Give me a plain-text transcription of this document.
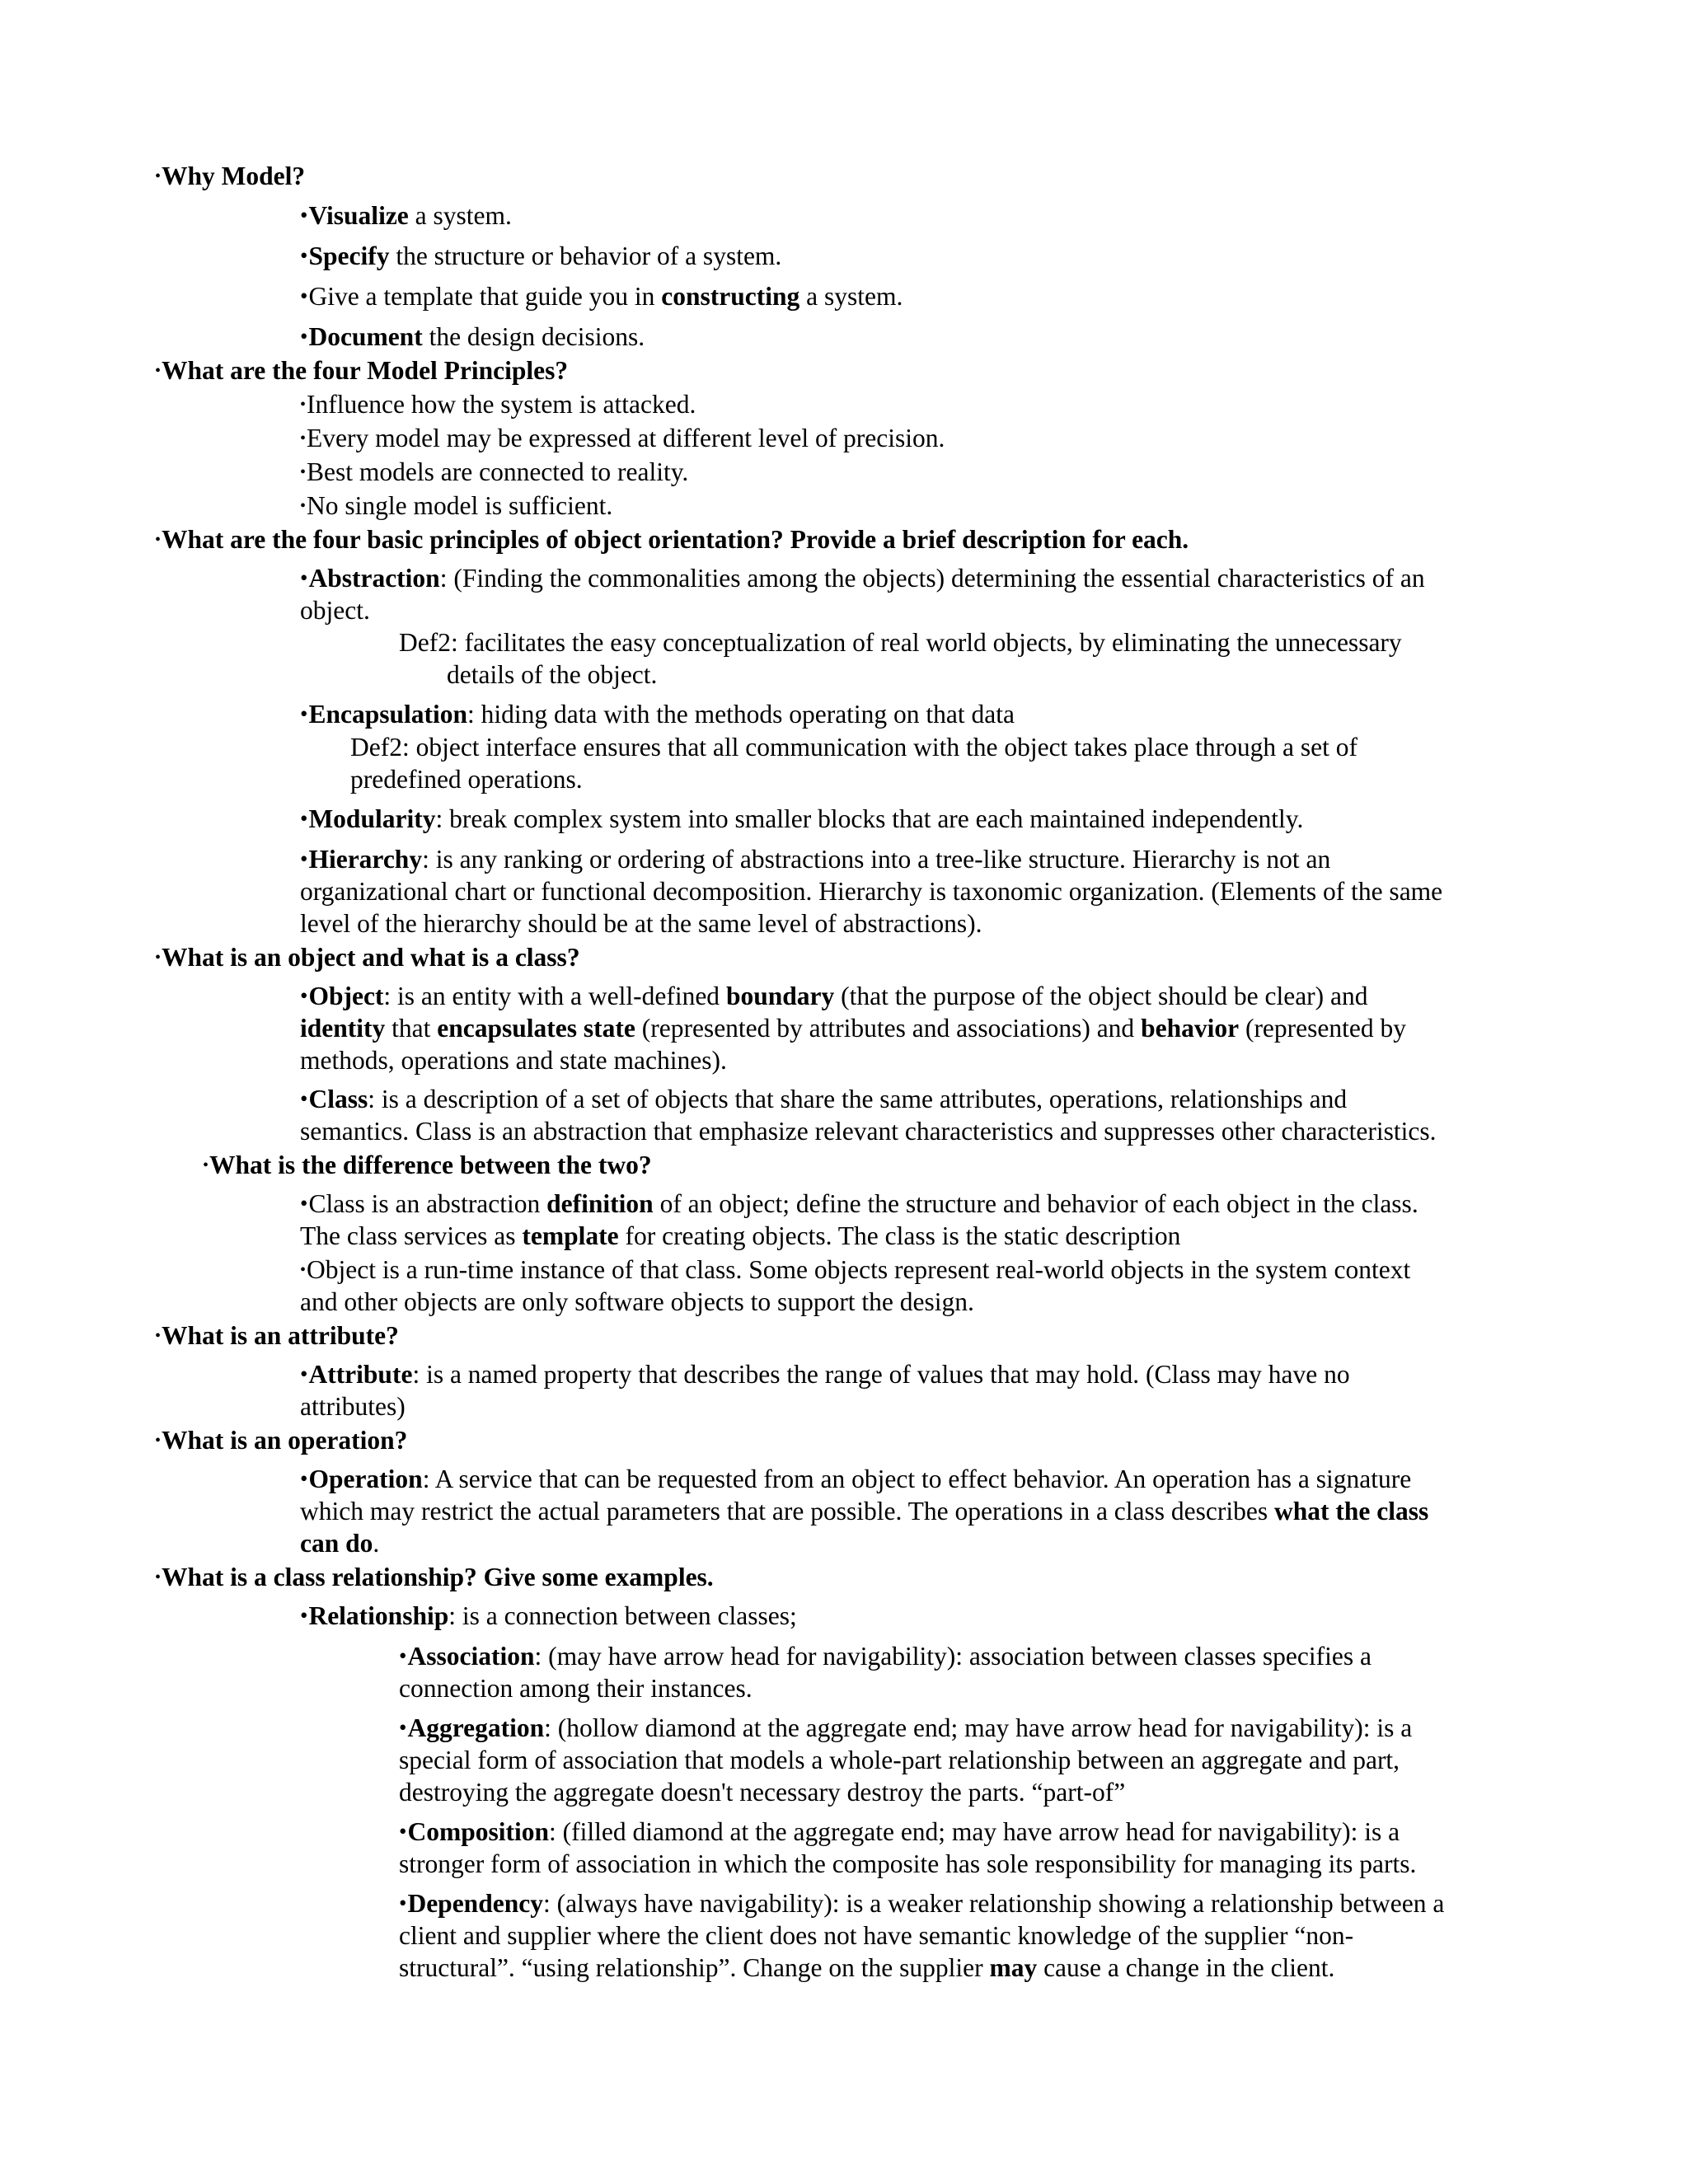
•Why Model?
•Visualize a system.
•Specify the structure or behavior of a system.
•Give a template that guide you in constructing a system.
•Document the design decisions.
•What are the four Model Principles?
•Influence how the system is attacked.
•Every model may be expressed at different level of precision.
•Best models are connected to reality.
•No single model is sufficient.
•What are the four basic principles of object orientation? Provide a brief description for each.
•Abstraction: (Finding the commonalities among the objects) determining the essential characteristics of an
object.
Def2: facilitates the easy conceptualization of real world objects, by eliminating the unnecessary
details of the object.
•Encapsulation: hiding data with the methods operating on that data
Def2: object interface ensures that all communication with the object takes place through a set of
predefined operations.
•Modularity: break complex system into smaller blocks that are each maintained independently.
•Hierarchy: is any ranking or ordering of abstractions into a tree-like structure. Hierarchy is not an
organizational chart or functional decomposition. Hierarchy is taxonomic organization. (Elements of the same
level of the hierarchy should be at the same level of abstractions).
•What is an object and what is a class?
•Object: is an entity with a well-defined boundary (that the purpose of the object should be clear) and
identity that encapsulates state (represented by attributes and associations) and behavior (represented by
methods, operations and state machines).
•Class: is a description of a set of objects that share the same attributes, operations, relationships and
semantics. Class is an abstraction that emphasize relevant characteristics and suppresses other characteristics.
•What is the difference between the two?
•Class is an abstraction definition of an object; define the structure and behavior of each object in the class.
The class services as template for creating objects. The class is the static description
•Object is a run-time instance of that class. Some objects represent real-world objects in the system context
and other objects are only software objects to support the design.
•What is an attribute?
•Attribute: is a named property that describes the range of values that may hold. (Class may have no
attributes)
•What is an operation?
•Operation: A service that can be requested from an object to effect behavior. An operation has a signature
which may restrict the actual parameters that are possible. The operations in a class describes what the class
can do.
•What is a class relationship? Give some examples.
•Relationship: is a connection between classes;
•Association: (may have arrow head for navigability): association between classes specifies a
connection among their instances.
•Aggregation: (hollow diamond at the aggregate end; may have arrow head for navigability): is a
special form of association that models a whole-part relationship between an aggregate and part,
destroying the aggregate doesn't necessary destroy the parts. “part-of”
•Composition: (filled diamond at the aggregate end; may have arrow head for navigability): is a
stronger form of association in which the composite has sole responsibility for managing its parts.
•Dependency: (always have navigability): is a weaker relationship showing a relationship between a
client and supplier where the client does not have semantic knowledge of the supplier “non-
structural”. “using relationship”. Change on the supplier may cause a change in the client.
